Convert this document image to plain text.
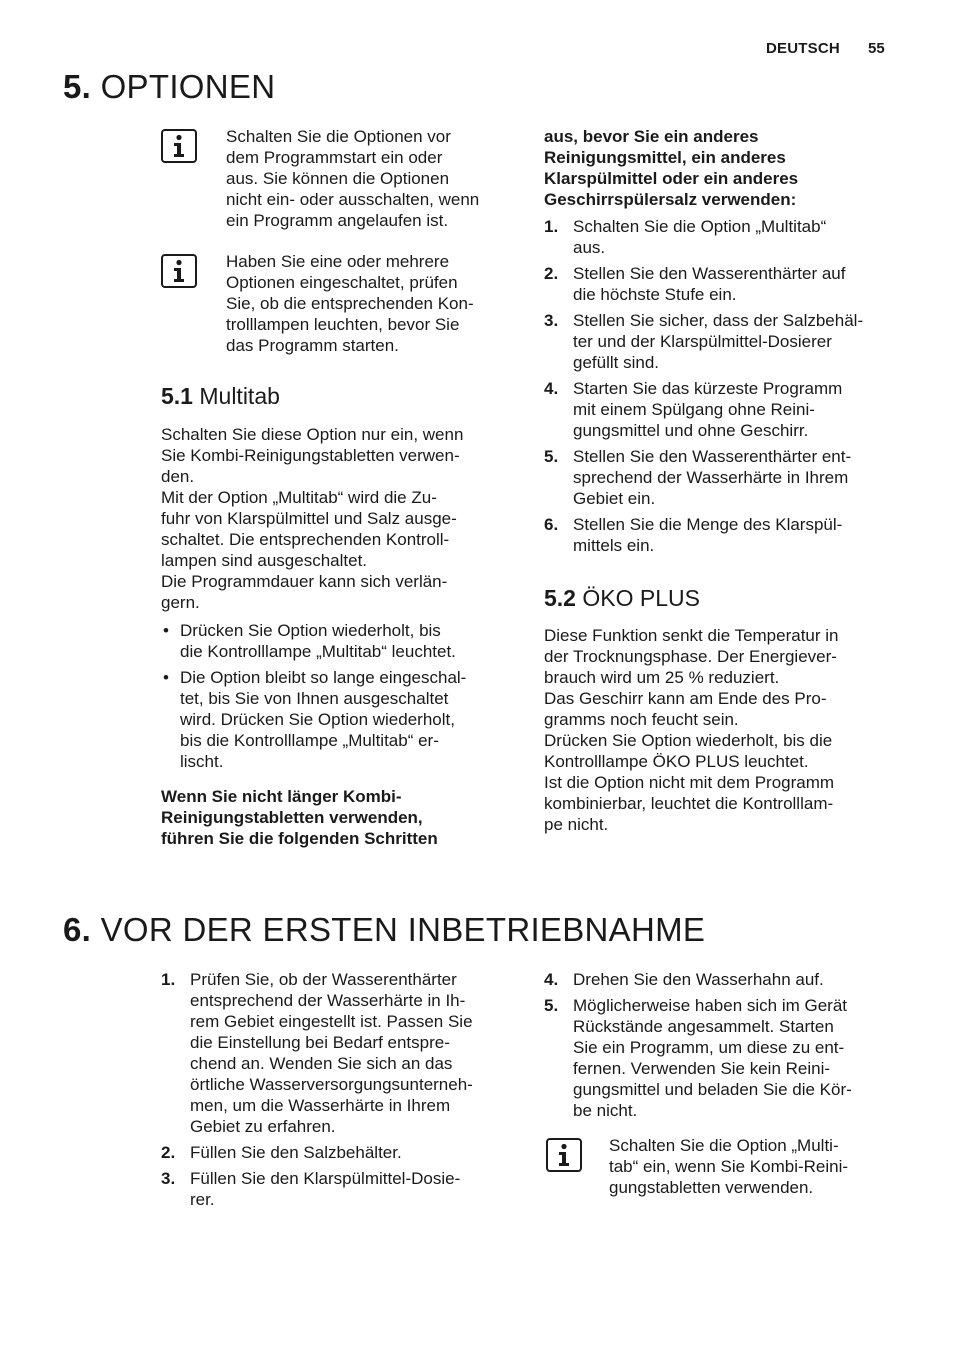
DEUTSCH 55
5. OPTIONEN
Schalten Sie die Optionen vor
dem Programmstart ein oder
aus. Sie können die Optionen
nicht ein- oder ausschalten, wenn
ein Programm angelaufen ist.
Haben Sie eine oder mehrere
Optionen eingeschaltet, prüfen
Sie, ob die entsprechenden Kon-
trolllampen leuchten, bevor Sie
das Programm starten.
5.1 Multitab
Schalten Sie diese Option nur ein, wenn
Sie Kombi-Reinigungstabletten verwen-
den.
Mit der Option „Multitab“ wird die Zu-
fuhr von Klarspülmittel und Salz ausge-
schaltet. Die entsprechenden Kontroll-
lampen sind ausgeschaltet.
Die Programmdauer kann sich verlän-
gern.
• Drücken Sie Option wiederholt, bis
die Kontrolllampe „Multitab“ leuchtet.
• Die Option bleibt so lange eingeschal-
tet, bis Sie von Ihnen ausgeschaltet
wird. Drücken Sie Option wiederholt,
bis die Kontrolllampe „Multitab“ er-
lischt.
Wenn Sie nicht länger Kombi-
Reinigungstabletten verwenden,
führen Sie die folgenden Schritten
aus, bevor Sie ein anderes
Reinigungsmittel, ein anderes
Klarspülmittel oder ein anderes
Geschirrspülersalz verwenden:
1. Schalten Sie die Option „Multitab“
aus.
2. Stellen Sie den Wasserenthärter auf
die höchste Stufe ein.
3. Stellen Sie sicher, dass der Salzbehäl-
ter und der Klarspülmittel-Dosierer
gefüllt sind.
4. Starten Sie das kürzeste Programm
mit einem Spülgang ohne Reini-
gungsmittel und ohne Geschirr.
5. Stellen Sie den Wasserenthärter ent-
sprechend der Wasserhärte in Ihrem
Gebiet ein.
6. Stellen Sie die Menge des Klarspül-
mittels ein.
5.2 ÖKO PLUS
Diese Funktion senkt die Temperatur in
der Trocknungsphase. Der Energiever-
brauch wird um 25 % reduziert.
Das Geschirr kann am Ende des Pro-
gramms noch feucht sein.
Drücken Sie Option wiederholt, bis die
Kontrolllampe ÖKO PLUS leuchtet.
Ist die Option nicht mit dem Programm
kombinierbar, leuchtet die Kontrolllam-
pe nicht.
6. VOR DER ERSTEN INBETRIEBNAHME
1. Prüfen Sie, ob der Wasserenthärter
entsprechend der Wasserhärte in Ih-
rem Gebiet eingestellt ist. Passen Sie
die Einstellung bei Bedarf entspre-
chend an. Wenden Sie sich an das
örtliche Wasserversorgungsunterneh-
men, um die Wasserhärte in Ihrem
Gebiet zu erfahren.
2. Füllen Sie den Salzbehälter.
3. Füllen Sie den Klarspülmittel-Dosie-
rer.
4. Drehen Sie den Wasserhahn auf.
5. Möglicherweise haben sich im Gerät
Rückstände angesammelt. Starten
Sie ein Programm, um diese zu ent-
fernen. Verwenden Sie kein Reini-
gungsmittel und beladen Sie die Kör-
be nicht.
Schalten Sie die Option „Multi-
tab“ ein, wenn Sie Kombi-Reini-
gungstabletten verwenden.
